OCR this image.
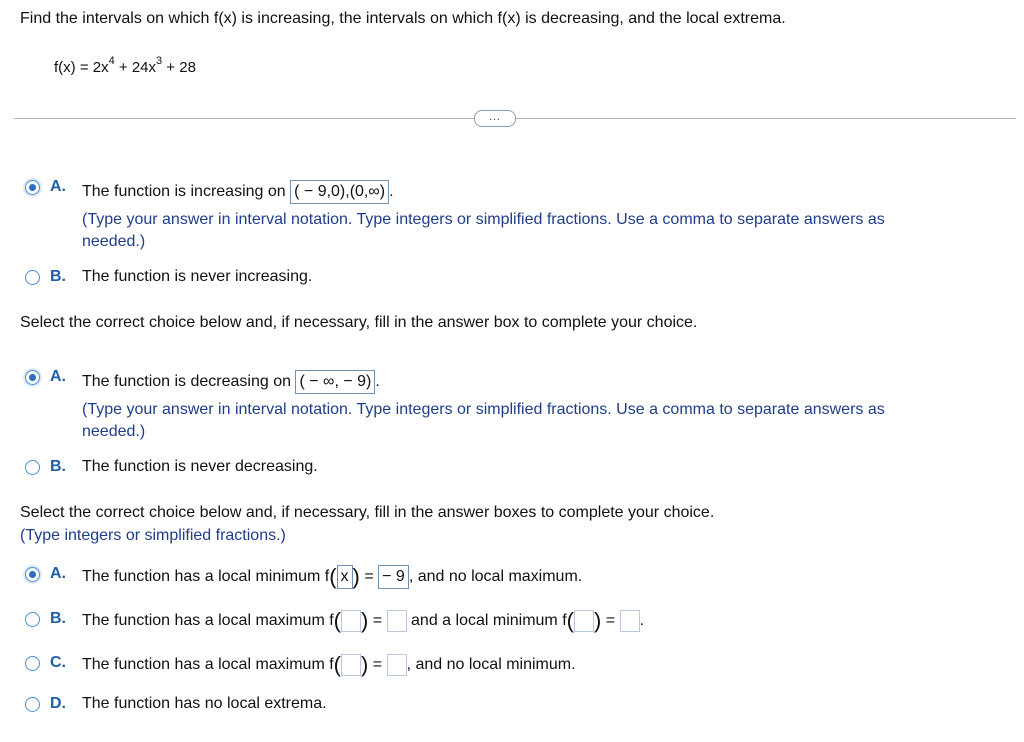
Find the intervals on which f(x) is increasing, the intervals on which f(x) is decreasing, and the local extrema.
$f(x) = 2x^4 + 24x^3 + 28$
…
A. The function is increasing on ( − 9,0),(0,∞) .
(Type your answer in interval notation. Type integers or simplified fractions. Use a comma to separate answers as
needed.)
B. The function is never increasing.
Select the correct choice below and, if necessary, fill in the answer box to complete your choice.
A. The function is decreasing on ( − ∞, − 9) .
(Type your answer in interval notation. Type integers or simplified fractions. Use a comma to separate answers as
needed.)
B. The function is never decreasing.
Select the correct choice below and, if necessary, fill in the answer boxes to complete your choice.
(Type integers or simplified fractions.)
A. The function has a local minimum f( x ) = − 9 , and no local maximum.
B. The function has a local maximum f( ) = and a local minimum f( ) = .
C. The function has a local maximum f( ) = , and no local minimum.
D. The function has no local extrema.
